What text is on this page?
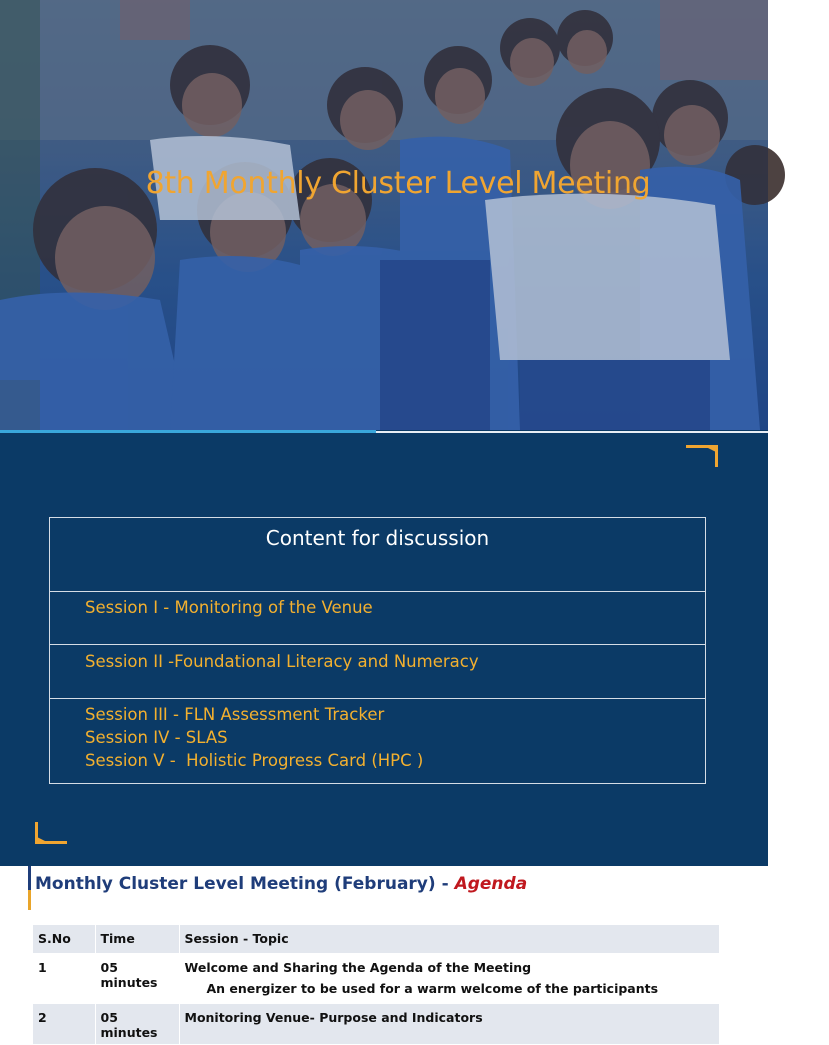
8th Monthly Cluster Level Meeting
Content for discussion
Session I - Monitoring of the Venue
Session II -Foundational Literacy and Numeracy
Session III - FLN Assessment Tracker
Session IV - SLAS
Session V -  Holistic Progress Card (HPC )
Monthly Cluster Level Meeting (February) - Agenda
S.No	Time	Session - Topic
1	05 minutes	Welcome and Sharing the Agenda of the Meeting
An energizer to be used for a warm welcome of the participants

2	05 minutes	Monitoring Venue- Purpose and Indicators
